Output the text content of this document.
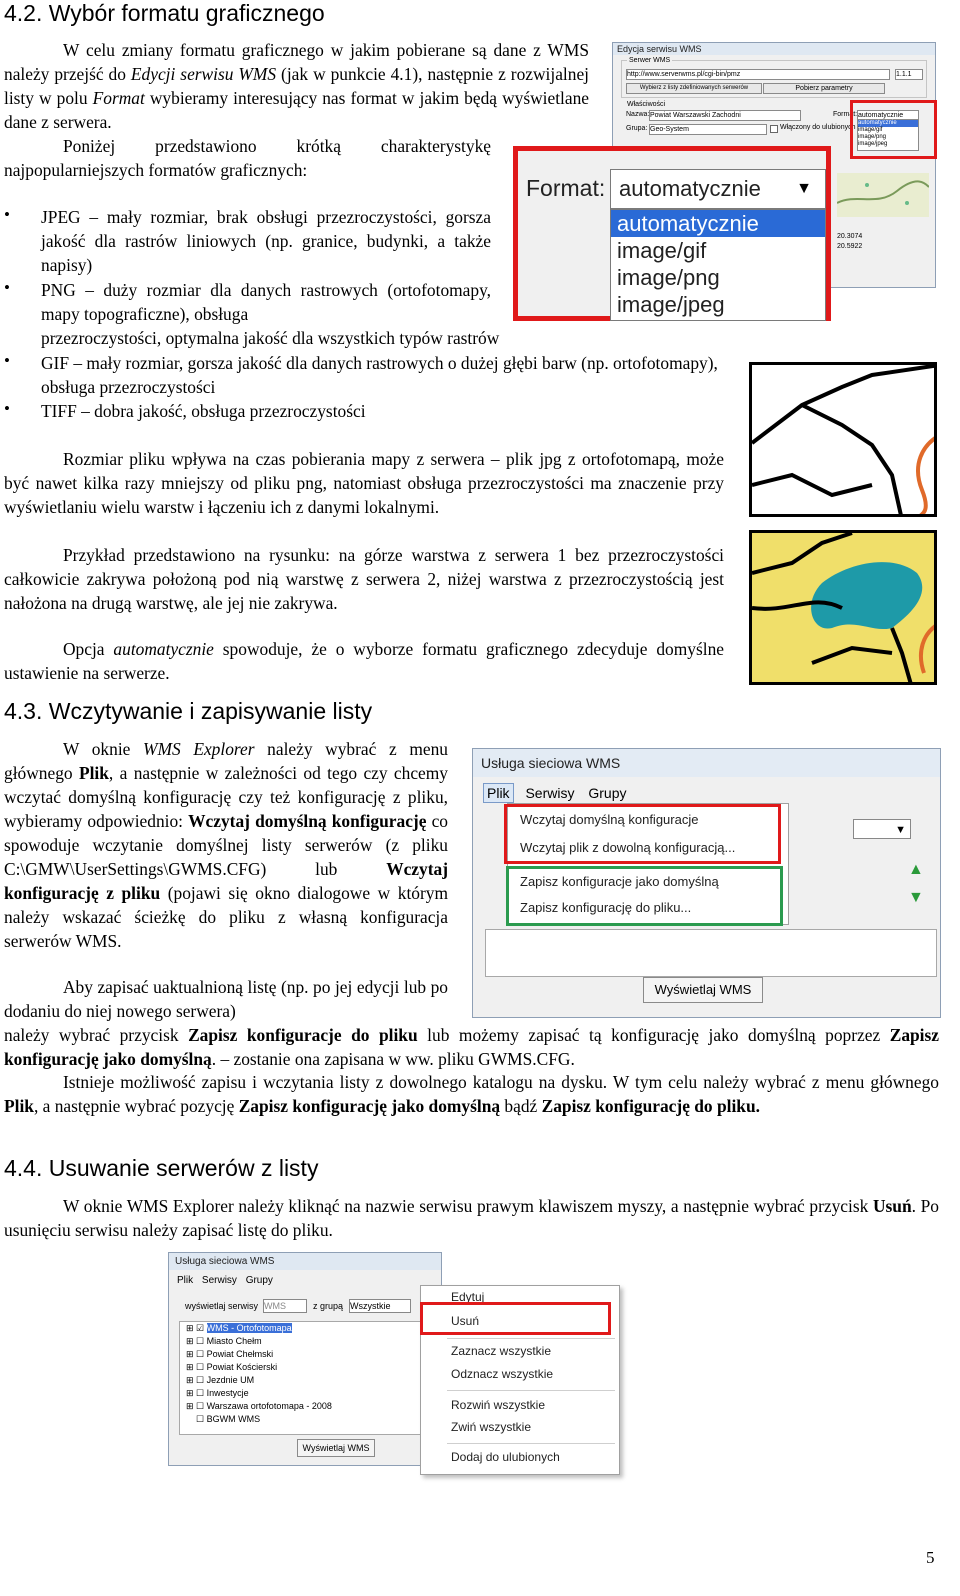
4.2. Wybór formatu graficznego
W celu zmiany formatu graficznego w jakim pobierane są dane z WMS należy przejść do Edycji serwisu WMS (jak w punkcie 4.1), następnie z rozwijalnej listy w polu Format wybieramy interesujący nas format w jakim będą wyświetlane dane z serwera.
Poniżej przedstawiono krótką charakterystykę najpopularniejszych formatów graficznych:
• JPEG – mały rozmiar, brak obsługi przezroczystości, gorsza jakość dla rastrów liniowych (np. granice, budynki, a także napisy)
• PNG – duży rozmiar dla danych rastrowych (ortofotomapy, mapy topograficzne), obsługa
przezroczystości, optymalna jakość dla wszystkich typów rastrów
• GIF – mały rozmiar, gorsza jakość dla danych rastrowych o dużej głębi barw (np. ortofotomapy), obsługa przezroczystości
• TIFF – dobra jakość, obsługa przezroczystości
Rozmiar pliku wpływa na czas pobierania mapy z serwera – plik jpg z ortofotomapą, może być nawet kilka razy mniejszy od pliku png, natomiast obsługa przezroczystości ma znaczenie przy wyświetlaniu wielu warstw i łączeniu ich z danymi lokalnymi.
Przykład przedstawiono na rysunku: na górze warstwa z serwera 1 bez przezroczystości całkowicie zakrywa położoną pod nią warstwę z serwera 2, niżej warstwa z przezroczystością jest nałożona na drugą warstwę, ale jej nie zakrywa.
Opcja automatycznie spowoduje, że o wyborze formatu graficznego zdecyduje domyślne ustawienie na serwerze.
Edycja serwisu WMS
Serwer WMS
http://www.serverwms.pl/cgi-bin/pmz	1.1.1
Wybierz z listy zdefiniowanych serwerów	Pobierz parametry
Właściwości
Nazwa: Powiat Warszawski Zachodni
Grupa: Geo-System	Włączony do ulubionych
Format: automatycznie
automatycznie
image/gif
image/png
image/jpeg
20.3074
20.5922
Format: automatycznie ▼
automatycznie
image/gif
image/png
image/jpeg
4.3. Wczytywanie i zapisywanie listy
W oknie WMS Explorer należy wybrać z menu głównego Plik, a następnie w zależności od tego czy chcemy wczytać domyślną konfigurację czy też konfigurację z pliku, wybieramy odpowiednio: Wczytaj domyślną konfigurację co spowoduje wczytanie domyślnej listy serwerów (z pliku C:\GMW\UserSettings\GWMS.CFG) lub Wczytaj konfigurację z pliku (pojawi się okno dialogowe w którym należy wskazać ścieżkę do pliku z własną konfiguracja serwerów WMS.
Aby zapisać uaktualnioną listę (np. po jej edycji lub po dodaniu do niej nowego serwera)
należy wybrać przycisk Zapisz konfiguracje do pliku lub możemy zapisać tą konfigurację jako domyślną poprzez Zapisz konfigurację jako domyślną. – zostanie ona zapisana w ww. pliku GWMS.CFG.
Istnieje możliwość zapisu i wczytania listy z dowolnego katalogu na dysku. W tym celu należy wybrać z menu głównego Plik, a następnie wybrać pozycję Zapisz konfigurację jako domyślną bądź Zapisz konfigurację do pliku.
Usługa sieciowa WMS
Plik Serwisy Grupy
▼
▲
▼
Wyświetlaj WMS
Wczytaj domyślną konfiguracje
Wczytaj plik z dowolną konfiguracją...
Zapisz konfiguracje jako domyślną
Zapisz konfigurację do pliku...
4.4. Usuwanie serwerów z listy
W oknie WMS Explorer należy kliknąć na nazwie serwisu prawym klawiszem myszy, a następnie wybrać przycisk Usuń. Po usunięciu serwisu należy zapisać listę do pliku.
Usługa sieciowa WMS
Plik Serwisy Grupy
wyświetlaj serwisy WMS	z grupą Wszystkie
⊞ ☑ WMS - Ortofotomapa
⊞ ☐ Miasto Chełm
⊞ ☐ Powiat Chełmski
⊞ ☐ Powiat Kościerski
⊞ ☐ Jezdnie UM
⊞ ☐ Inwestycje
⊞ ☐ Warszawa ortofotomapa - 2008
☐ BGWM WMS
Wyświetlaj WMS
Edytuj
Usuń
Zaznacz wszystkie
Odznacz wszystkie
Rozwiń wszystkie
Zwiń wszystkie
Dodaj do ulubionych
5
